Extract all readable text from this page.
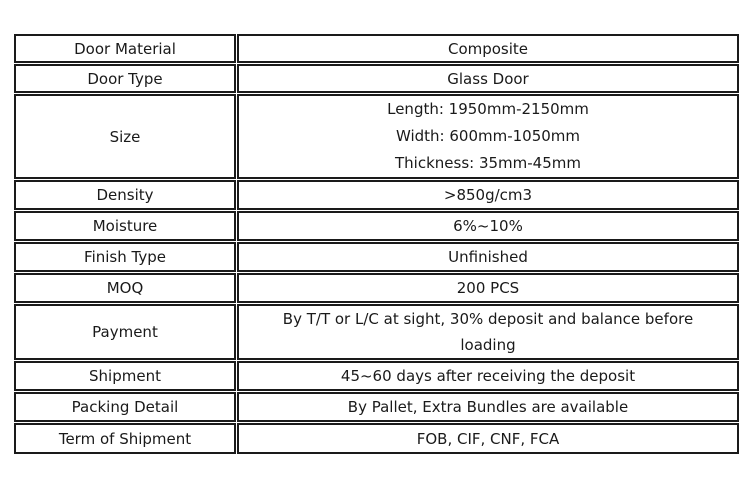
Door Material	Composite
Door Type	Glass Door
Size	Length: 1950mm-2150mm
Width: 600mm-1050mm
Thickness: 35mm-45mm

Density	>850g/cm3
Moisture	6%~10%
Finish Type	Unfinished
MOQ	200 PCS
Payment	By T/T or L/C at sight, 30% deposit and balance before
loading

Shipment	45~60 days after receiving the deposit
Packing Detail	By Pallet, Extra Bundles are available
Term of Shipment	FOB, CIF, CNF, FCA
